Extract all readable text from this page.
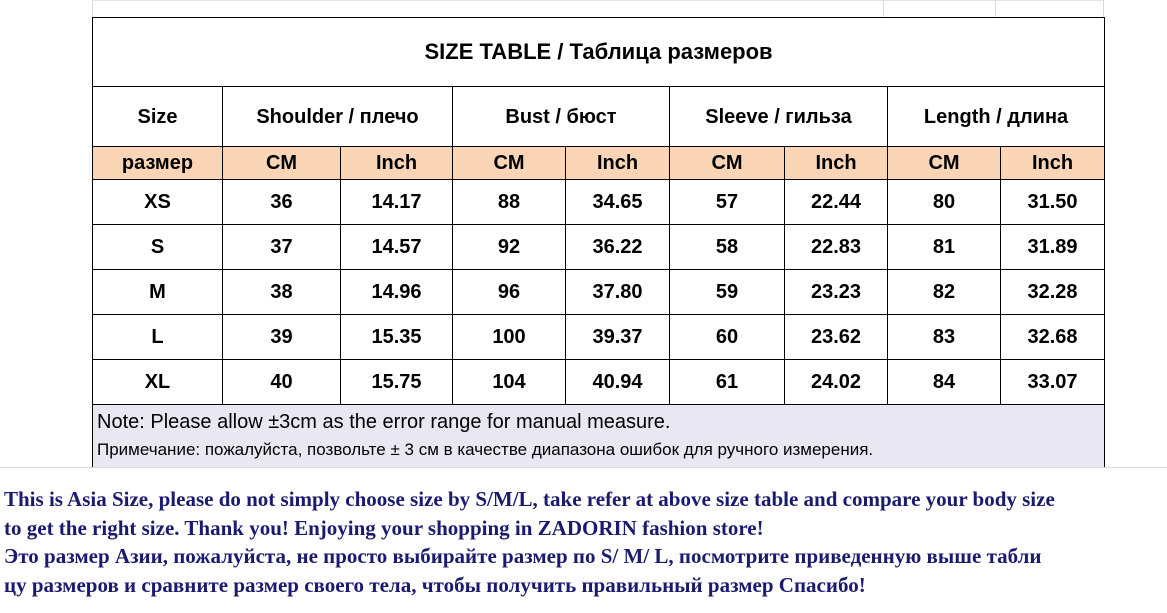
SIZE TABLE / Таблица размеров								
Size	Shoulder / плечо		Bust / бюст		Sleeve / гильза		Length / длина	
размер	CM	Inch	CM	Inch	CM	Inch	CM	Inch
XS	36	14.17	88	34.65	57	22.44	80	31.50
S	37	14.57	92	36.22	58	22.83	81	31.89
M	38	14.96	96	37.80	59	23.23	82	32.28
L	39	15.35	100	39.37	60	23.62	83	32.68
XL	40	15.75	104	40.94	61	24.02	84	33.07

Note: Please allow ±3cm as the error range for manual measure.
Примечание: пожалуйста, позвольте ± 3 см в качестве диапазона ошибок для ручного измерения.								

This is Asia Size, please do not simply choose size by S/M/L, take refer at above size table and compare your body size
to get the right size. Thank you! Enjoying your shopping in ZADORIN fashion store!
Это размер Азии, пожалуйста, не просто выбирайте размер по S/ M/ L, посмотрите приведенную выше табли
цу размеров и сравните размер своего тела, чтобы получить правильный размер Спасибо!
